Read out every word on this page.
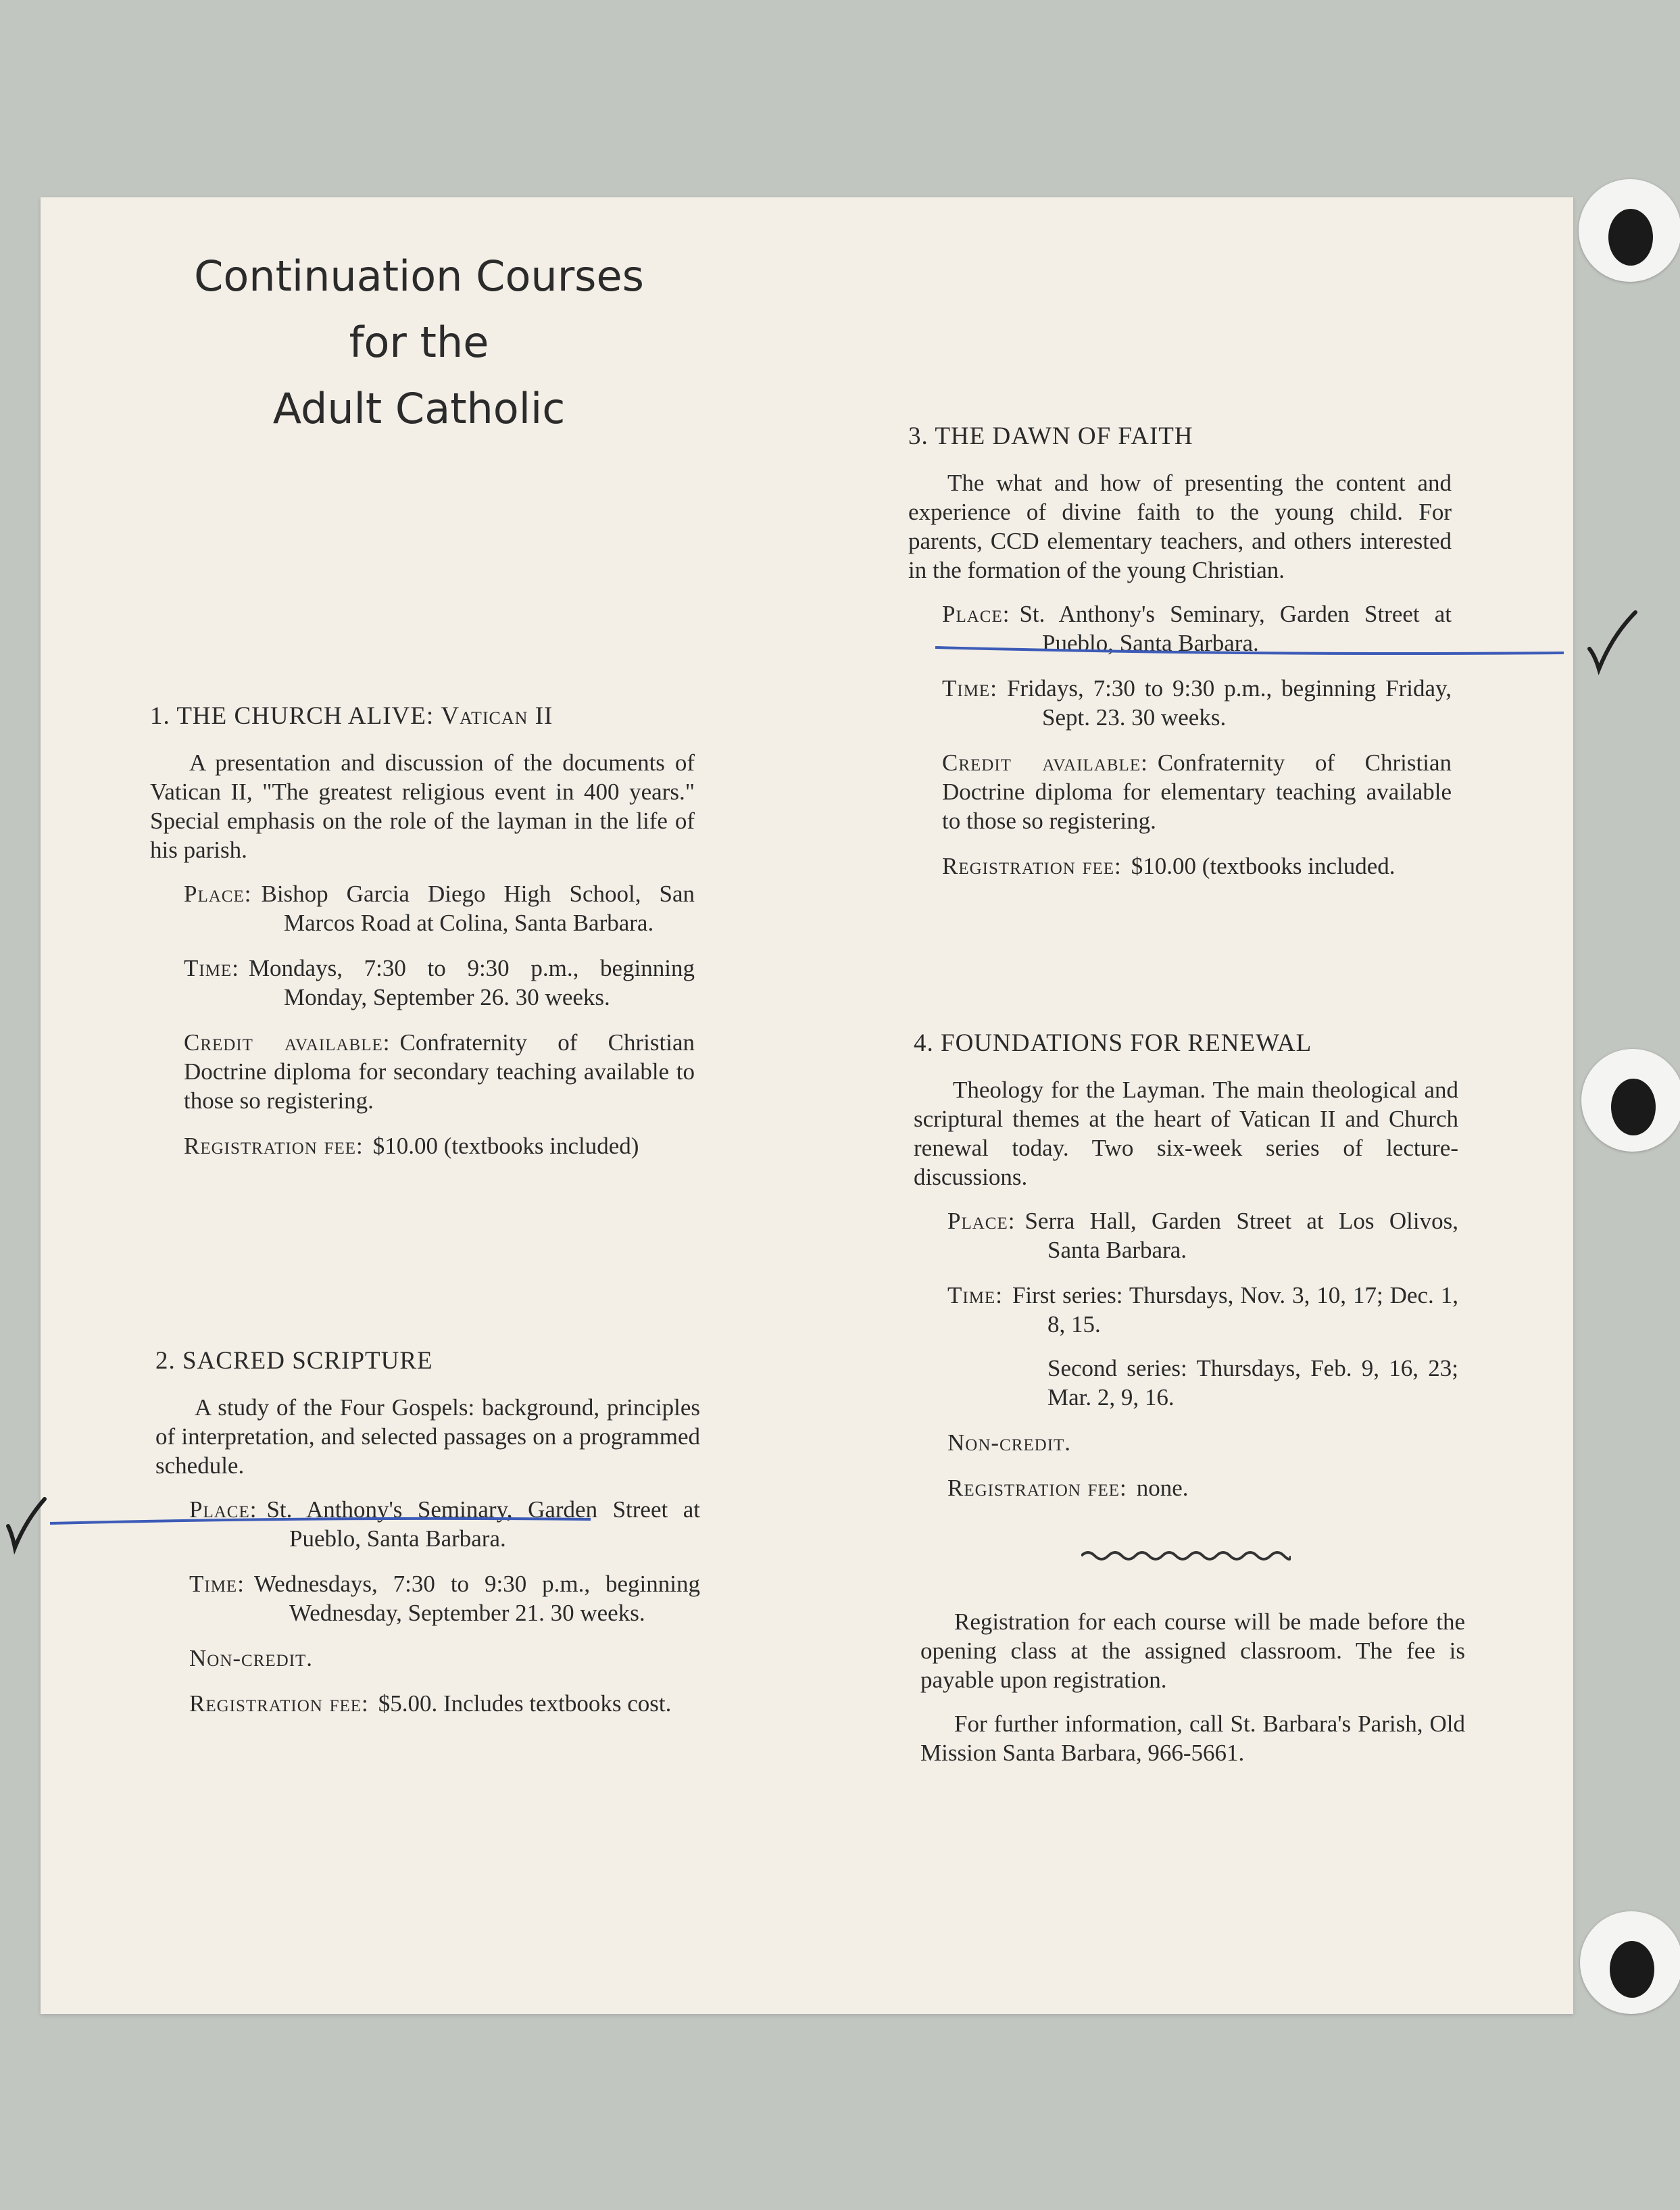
Continuation Courses
for the
Adult Catholic
1. THE CHURCH ALIVE: Vatican II

A presentation and discussion of the documents of Vatican II, "The greatest religious event in 400 years." Special emphasis on the role of the layman in the life of his parish.

Place: Bishop Garcia Diego High School, San Marcos Road at Colina, Santa Barbara.
Time: Mondays, 7:30 to 9:30 p.m., beginning Monday, September 26. 30 weeks.
Credit available: Confraternity of Christian Doctrine diploma for secondary teaching available to those so registering.
Registration fee: $10.00 (textbooks included)
2. SACRED SCRIPTURE

A study of the Four Gospels: background, principles of interpretation, and selected passages on a programmed schedule.

Place: St. Anthony's Seminary, Garden Street at Pueblo, Santa Barbara.
Time: Wednesdays, 7:30 to 9:30 p.m., beginning Wednesday, September 21. 30 weeks.

Non-credit.

Registration fee: $5.00. Includes textbooks cost.
3. THE DAWN OF FAITH

The what and how of presenting the content and experience of divine faith to the young child. For parents, CCD elementary teachers, and others interested in the formation of the young Christian.

Place: St. Anthony's Seminary, Garden Street at Pueblo, Santa Barbara.
Time: Fridays, 7:30 to 9:30 p.m., beginning Friday, Sept. 23. 30 weeks.
Credit available: Confraternity of Christian Doctrine diploma for elementary teaching available to those so registering.
Registration fee: $10.00 (textbooks included.
4. FOUNDATIONS FOR RENEWAL

Theology for the Layman. The main theological and scriptural themes at the heart of Vatican II and Church renewal today. Two six-week series of lecture-discussions.

Place: Serra Hall, Garden Street at Los Olivos, Santa Barbara.
Time: First series: Thursdays, Nov. 3, 10, 17; Dec. 1, 8, 15.
Second series: Thursdays, Feb. 9, 16, 23; Mar. 2, 9, 16.

Non-credit.

Registration fee: none.

Registration for each course will be made before the opening class at the assigned classroom. The fee is payable upon registration.

For further information, call St. Barbara's Parish, Old Mission Santa Barbara, 966-5661.
